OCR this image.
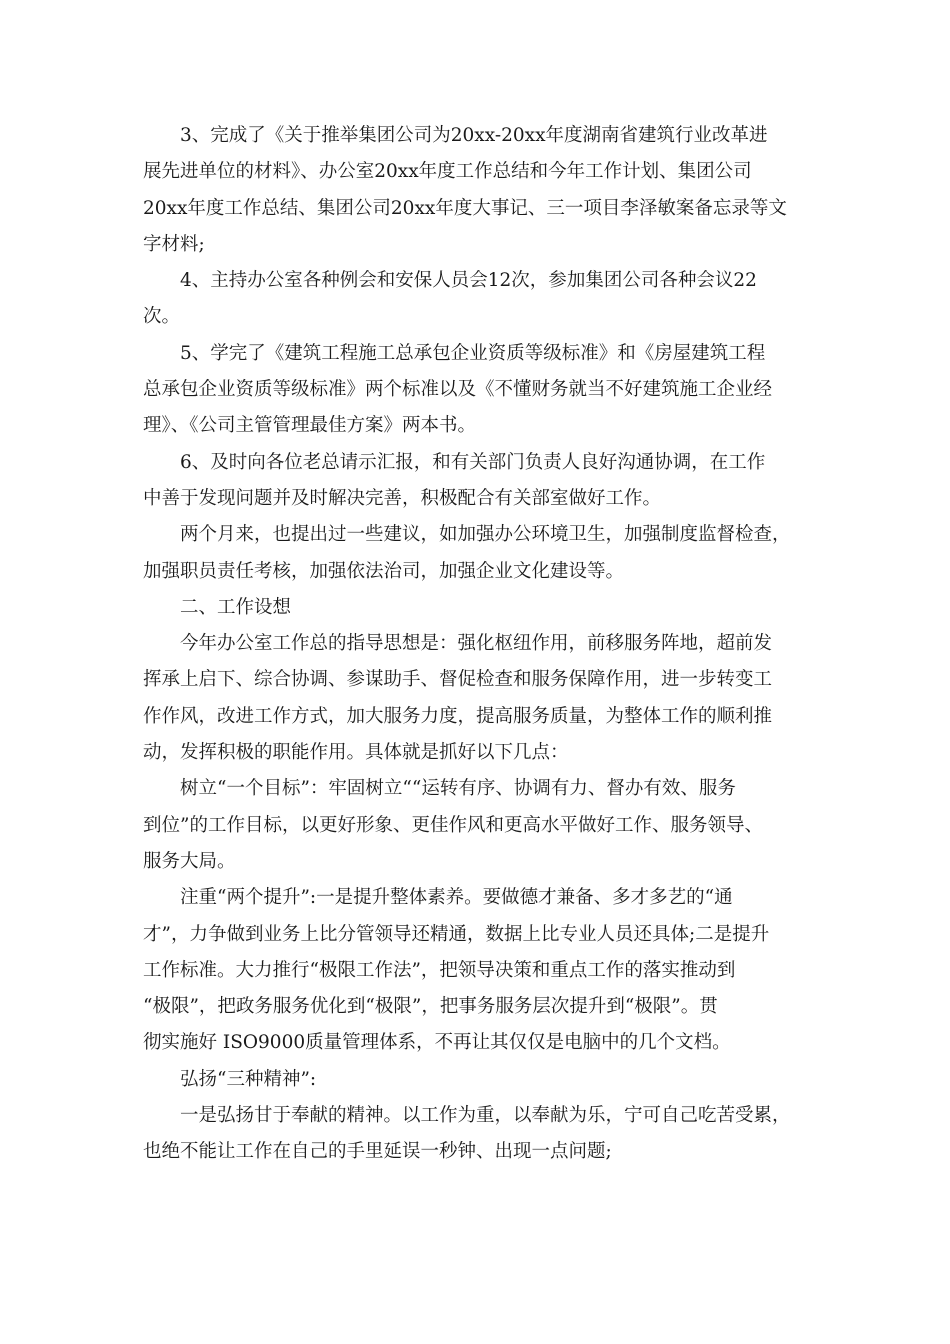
3、完成了《关于推举集团公司为20xx-20xx年度湖南省建筑行业改革进
展先进单位的材料》、办公室20xx年度工作总结和今年工作计划、集团公司
20xx年度工作总结、集团公司20xx年度大事记、三一项目李泽敏案备忘录等文
字材料;
4、主持办公室各种例会和安保人员会12次，参加集团公司各种会议22
次。
5、学完了《建筑工程施工总承包企业资质等级标准》和《房屋建筑工程
总承包企业资质等级标准》两个标准以及《不懂财务就当不好建筑施工企业经
理》、《公司主管管理最佳方案》两本书。
6、及时向各位老总请示汇报，和有关部门负责人良好沟通协调，在工作
中善于发现问题并及时解决完善，积极配合有关部室做好工作。
两个月来，也提出过一些建议，如加强办公环境卫生，加强制度监督检查，
加强职员责任考核，加强依法治司，加强企业文化建设等。
二、工作设想
今年办公室工作总的指导思想是：强化枢纽作用，前移服务阵地，超前发
挥承上启下、综合协调、参谋助手、督促检查和服务保障作用，进一步转变工
作作风，改进工作方式，加大服务力度，提高服务质量，为整体工作的顺利推
动，发挥积极的职能作用。具体就是抓好以下几点：
树立“一个目标”：牢固树立““运转有序、协调有力、督办有效、服务
到位”的工作目标，以更好形象、更佳作风和更高水平做好工作、服务领导、
服务大局。
注重“两个提升”:一是提升整体素养。要做德才兼备、多才多艺的“通
才”，力争做到业务上比分管领导还精通，数据上比专业人员还具体;二是提升
工作标准。大力推行“极限工作法”，把领导决策和重点工作的落实推动到
“极限”，把政务服务优化到“极限”，把事务服务层次提升到“极限”。贯
彻实施好 ISO9000质量管理体系，不再让其仅仅是电脑中的几个文档。
弘扬“三种精神”:
一是弘扬甘于奉献的精神。以工作为重，以奉献为乐，宁可自己吃苦受累，
也绝不能让工作在自己的手里延误一秒钟、出现一点问题;
